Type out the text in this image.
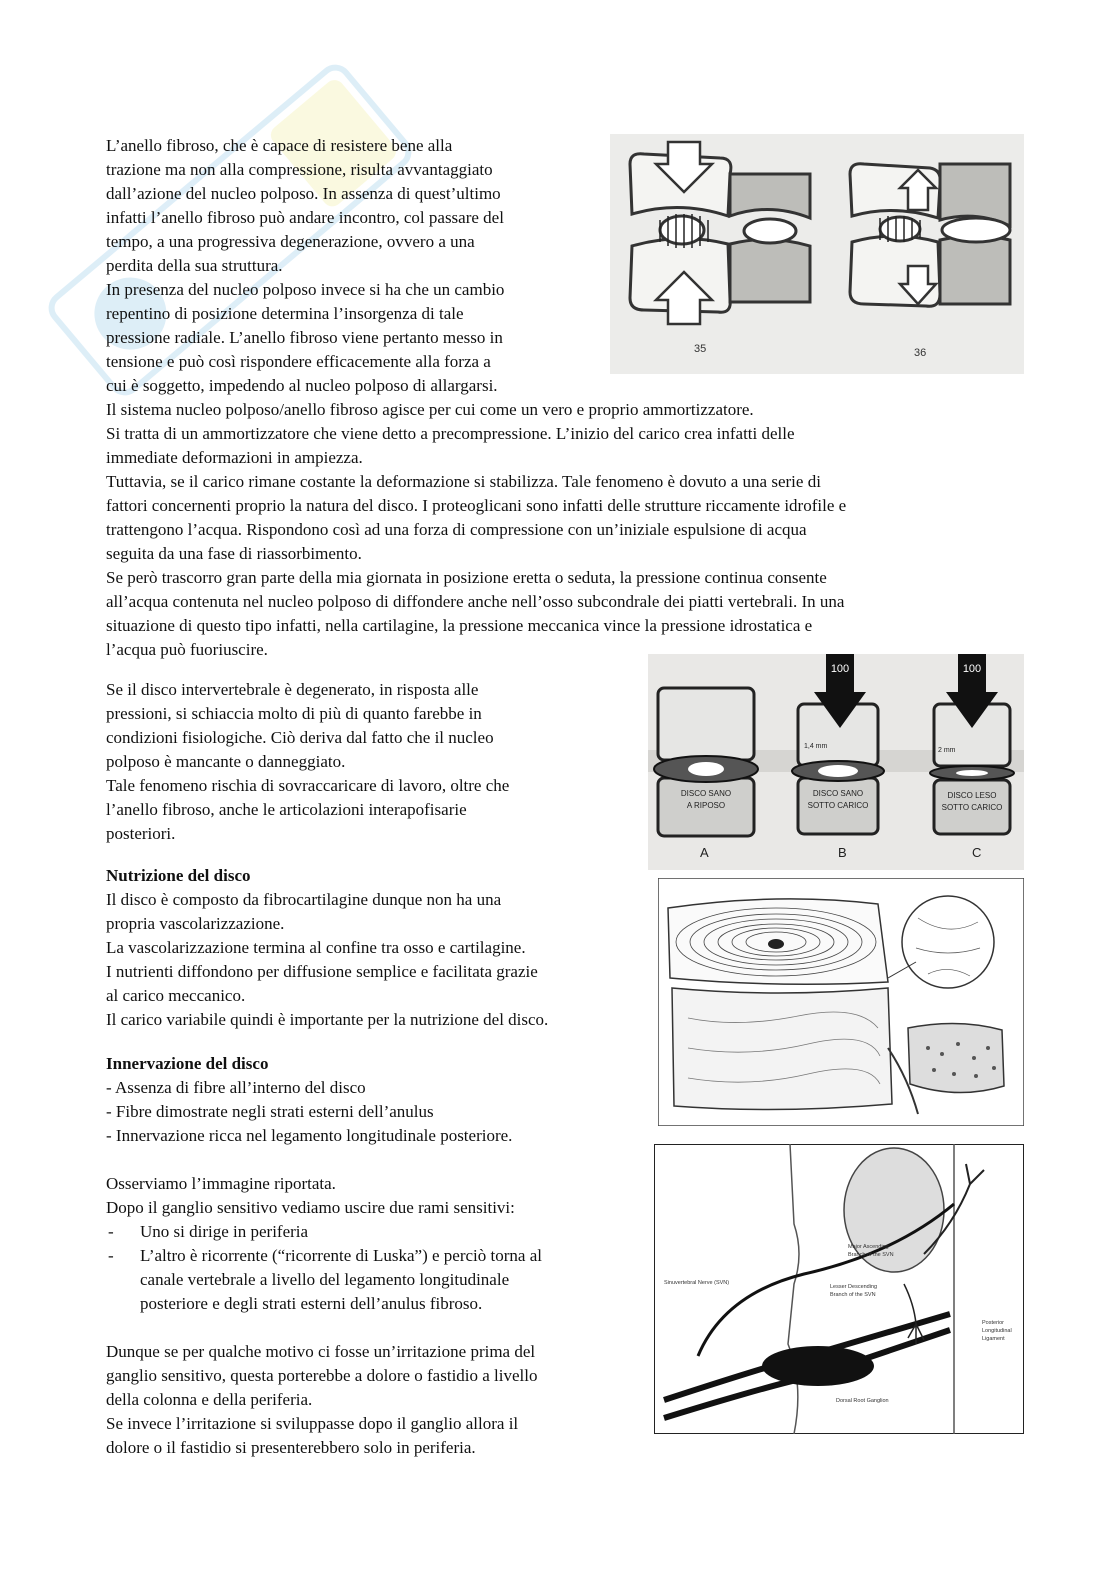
L’anello fibroso, che è capace di resistere bene alla
trazione ma non alla compressione, risulta avvantaggiato
dall’azione del nucleo polposo. In assenza di quest’ultimo
infatti l’anello fibroso può andare incontro, col passare del
tempo, a una progressiva degenerazione, ovvero a una
perdita della sua struttura.
In presenza del nucleo polposo invece si ha che un cambio
repentino di posizione determina l’insorgenza di tale
pressione radiale. L’anello fibroso viene pertanto messo in
tensione e può così rispondere efficacemente alla forza a
cui è soggetto, impedendo al nucleo polposo di allargarsi.
35	36
Il sistema nucleo polposo/anello fibroso agisce per cui come un vero e proprio ammortizzatore.
Si tratta di un ammortizzatore che viene detto a precompressione. L’inizio del carico crea infatti delle
immediate deformazioni in ampiezza.
Tuttavia, se il carico rimane costante la deformazione si stabilizza. Tale fenomeno è dovuto a una serie di
fattori concernenti proprio la natura del disco. I proteoglicani sono infatti delle strutture riccamente idrofile e
trattengono l’acqua. Rispondono così ad una forza di compressione con un’iniziale espulsione di acqua
seguita da una fase di riassorbimento.
Se però trascorro gran parte della mia giornata in posizione eretta o seduta, la pressione continua consente
all’acqua contenuta nel nucleo polposo di diffondere anche nell’osso subcondrale dei piatti vertebrali. In una
situazione di questo tipo infatti, nella cartilagine, la pressione meccanica vince la pressione idrostatica e
l’acqua può fuoriuscire.
Se il disco intervertebrale è degenerato, in risposta alle
pressioni, si schiaccia molto di più di quanto farebbe in
condizioni fisiologiche. Ciò deriva dal fatto che il nucleo
polposo è mancante o danneggiato.
Tale fenomeno rischia di sovraccaricare di lavoro, oltre che
l’anello fibroso, anche le articolazioni interapofisarie
posteriori.
DISCO SANO
A RIPOSO
A
100
1,4 mm
DISCO SANO
SOTTO CARICO
B
100
2 mm
DISCO LESO
SOTTO CARICO
C
Nutrizione del disco
Il disco è composto da fibrocartilagine dunque non ha una
propria vascolarizzazione.
La vascolarizzazione termina al confine tra osso e cartilagine.
I nutrienti diffondono per diffusione semplice e facilitata grazie
al carico meccanico.
Il carico variabile quindi è importante per la nutrizione del disco.
Innervazione del disco
- Assenza di fibre all’interno del disco
- Fibre dimostrate negli strati esterni dell’anulus
- Innervazione ricca nel legamento longitudinale posteriore.
Osserviamo l’immagine riportata.
Dopo il ganglio sensitivo vediamo uscire due rami sensitivi:
- Uno si dirige in periferia
- L’altro è ricorrente (“ricorrente di Luska”) e perciò torna al
canale vertebrale a livello del legamento longitudinale
posteriore e degli strati esterni dell’anulus fibroso.
Dunque se per qualche motivo ci fosse un’irritazione prima del
ganglio sensitivo, questa porterebbe a dolore o fastidio a livello
della colonna e della periferia.
Se invece l’irritazione si sviluppasse dopo il ganglio allora il
dolore o il fastidio si presenterebbero solo in periferia.
Major Ascending
Branch of the SVN
Sinuvertebral Nerve (SVN)
Lesser Descending
Branch of the SVN
Posterior
Longitudinal
Ligament
Dorsal Root Ganglion
